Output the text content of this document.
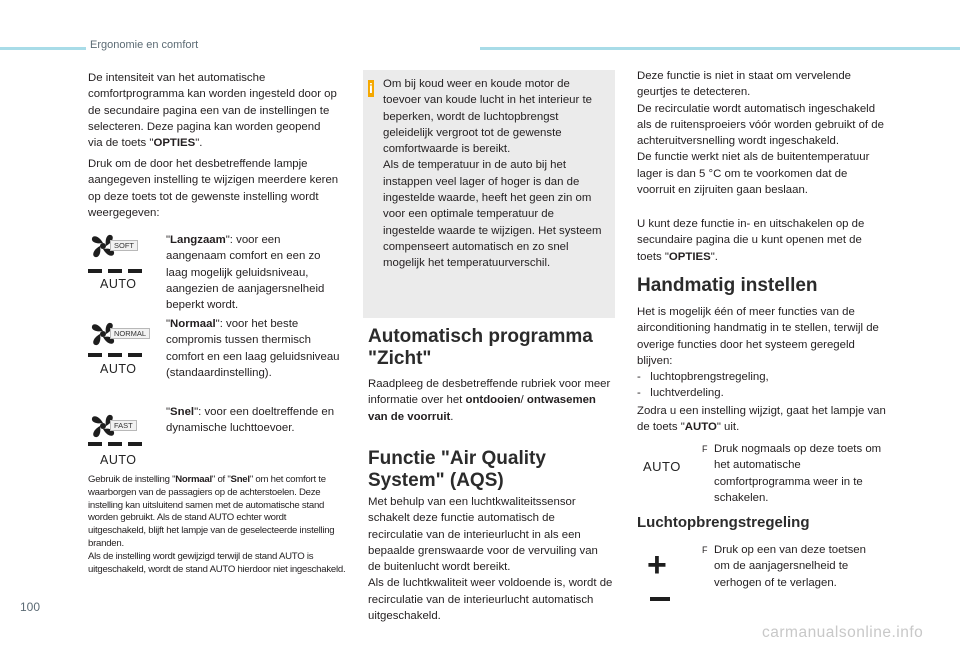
Ergonomie en comfort
De intensiteit van het automatische comfortprogramma kan worden ingesteld door op de secundaire pagina een van de instellingen te selecteren. Deze pagina kan worden geopend via de toets "OPTIES".
Druk om de door het desbetreffende lampje aangegeven instelling te wijzigen meerdere keren op deze toets tot de gewenste instelling wordt weergegeven:
SOFT
AUTO
"Langzaam": voor een aangenaam comfort en een zo laag mogelijk geluidsniveau, aangezien de aanjagersnelheid beperkt wordt.
NORMAL
AUTO
"Normaal": voor het beste compromis tussen thermisch comfort en een laag geluidsniveau (standaardinstelling).
FAST
AUTO
"Snel": voor een doeltreffende en dynamische luchttoevoer.
Gebruik de instelling "Normaal" of "Snel" om het comfort te waarborgen van de passagiers op de achterstoelen. Deze instelling kan uitsluitend samen met de automatische stand worden gebruikt. Als de stand AUTO echter wordt uitgeschakeld, blijft het lampje van de geselecteerde instelling branden.
Als de instelling wordt gewijzigd terwijl de stand AUTO is uitgeschakeld, wordt de stand AUTO hierdoor niet ingeschakeld.
i Om bij koud weer en koude motor de toevoer van koude lucht in het interieur te beperken, wordt de luchtopbrengst geleidelijk vergroot tot de gewenste comfortwaarde is bereikt.
Als de temperatuur in de auto bij het instappen veel lager of hoger is dan de ingestelde waarde, heeft het geen zin om voor een optimale temperatuur de ingestelde waarde te wijzigen. Het systeem compenseert automatisch en zo snel mogelijk het temperatuurverschil.
Automatisch programma "Zicht"
Raadpleeg de desbetreffende rubriek voor meer informatie over het ontdooien/ ontwasemen van de voorruit.
Functie "Air Quality System" (AQS)
Met behulp van een luchtkwaliteitssensor schakelt deze functie automatisch de recirculatie van de interieurlucht in als een bepaalde grenswaarde voor de vervuiling van de buitenlucht wordt bereikt.
Als de luchtkwaliteit weer voldoende is, wordt de recirculatie van de interieurlucht automatisch uitgeschakeld.
Deze functie is niet in staat om vervelende geurtjes te detecteren.
De recirculatie wordt automatisch ingeschakeld als de ruitensproeiers vóór worden gebruikt of de achteruitversnelling wordt ingeschakeld.
De functie werkt niet als de buitentemperatuur lager is dan 5 °C om te voorkomen dat de voorruit en zijruiten gaan beslaan.
U kunt deze functie in- en uitschakelen op de secundaire pagina die u kunt openen met de toets "OPTIES".
Handmatig instellen
Het is mogelijk één of meer functies van de airconditioning handmatig in te stellen, terwijl de overige functies door het systeem geregeld blijven:
-   luchtopbrengstregeling,
-   luchtverdeling.
Zodra u een instelling wijzigt, gaat het lampje van de toets "AUTO" uit.
AUTO
F Druk nogmaals op deze toets om het automatische comfortprogramma weer in te schakelen.
Luchtopbrengstregeling
+	F Druk op een van deze toetsen om de aanjagersnelheid te verhogen of te verlagen.
100
carmanualsonline.info
